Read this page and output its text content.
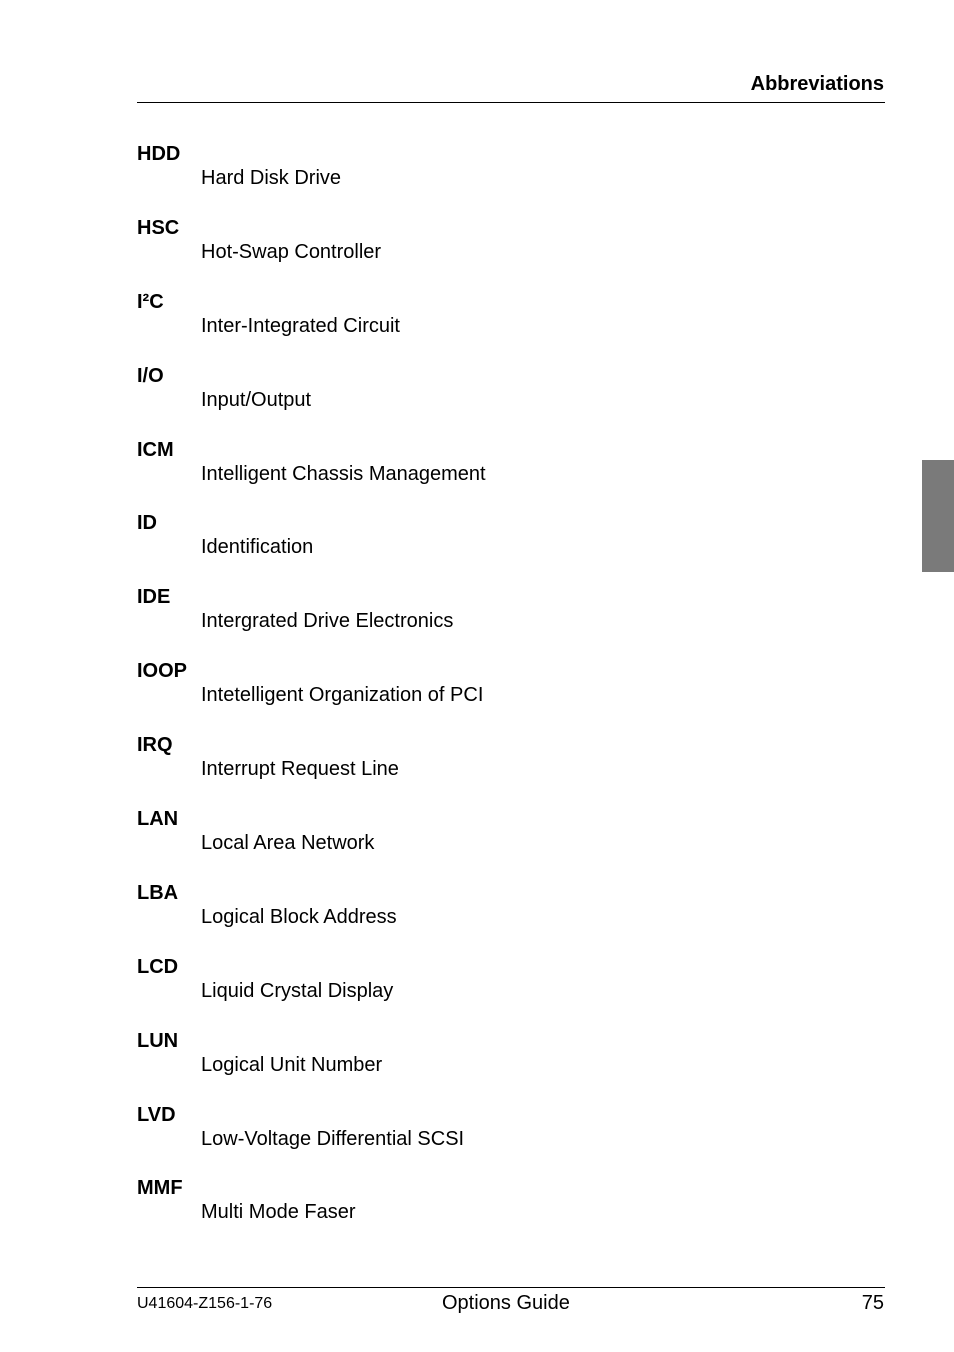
Abbreviations
HDD
Hard Disk Drive
HSC
Hot-Swap Controller
I²C
Inter-Integrated Circuit
I/O
Input/Output
ICM
Intelligent Chassis Management
ID
Identification
IDE
Intergrated Drive Electronics
IOOP
Intetelligent Organization of PCI
IRQ
Interrupt Request Line
LAN
Local Area Network
LBA
Logical Block Address
LCD
Liquid Crystal Display
LUN
Logical Unit Number
LVD
Low-Voltage Differential SCSI
MMF
Multi Mode Faser
U41604-Z156-1-76	Options Guide	75
